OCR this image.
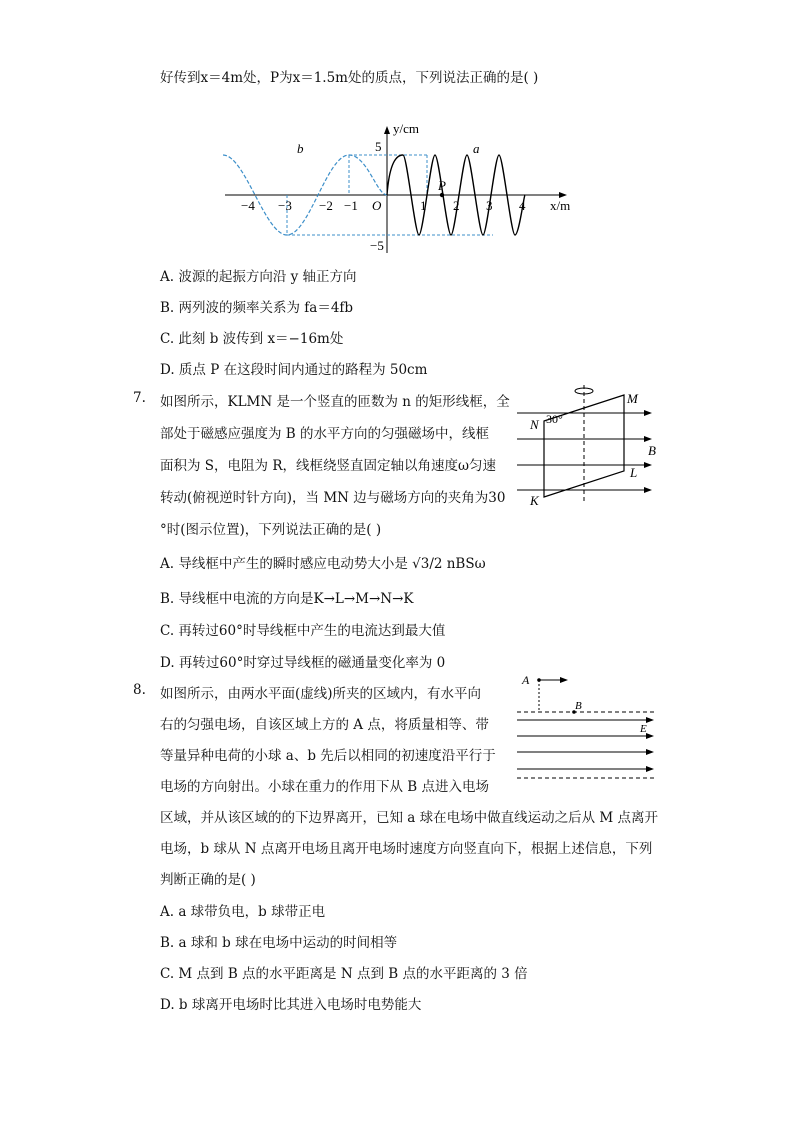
好传到x＝4m处，P为x＝1.5m处的质点，下列说法正确的是( )
y/cm
x/m
O
b	a
P
5
−5
−4 −3 −2 −1	1 2 3 4
A. 波源的起振方向沿 y 轴正方向
B. 两列波的频率关系为 fa＝4fb
C. 此刻 b 波传到 x＝−16m处
D. 质点 P 在这段时间内通过的路程为 50cm
7. 如图所示，KLMN 是一个竖直的匝数为 n 的矩形线框，全
部处于磁感应强度为 B 的水平方向的匀强磁场中，线框
面积为 S，电阻为 R，线框绕竖直固定轴以角速度ω匀速
转动(俯视逆时针方向)，当 MN 边与磁场方向的夹角为30
°时(图示位置)，下列说法正确的是( )
30°
M
N
K
L
B
A. 导线框中产生的瞬时感应电动势大小是 √3/2 nBSω
B. 导线框中电流的方向是K→L→M→N→K
C. 再转过60°时导线框中产生的电流达到最大值
D. 再转过60°时穿过导线框的磁通量变化率为 0
8. 如图所示，由两水平面(虚线)所夹的区域内，有水平向
右的匀强电场，自该区域上方的 A 点，将质量相等、带
等量异种电荷的小球 a、b 先后以相同的初速度沿平行于
电场的方向射出。小球在重力的作用下从 B 点进入电场
区域，并从该区域的的下边界离开，已知 a 球在电场中做直线运动之后从 M 点离开
电场，b 球从 N 点离开电场且离开电场时速度方向竖直向下，根据上述信息，下列
判断正确的是( )
A
B
E
A. a 球带负电，b 球带正电
B. a 球和 b 球在电场中运动的时间相等
C. M 点到 B 点的水平距离是 N 点到 B 点的水平距离的 3 倍
D. b 球离开电场时比其进入电场时电势能大
